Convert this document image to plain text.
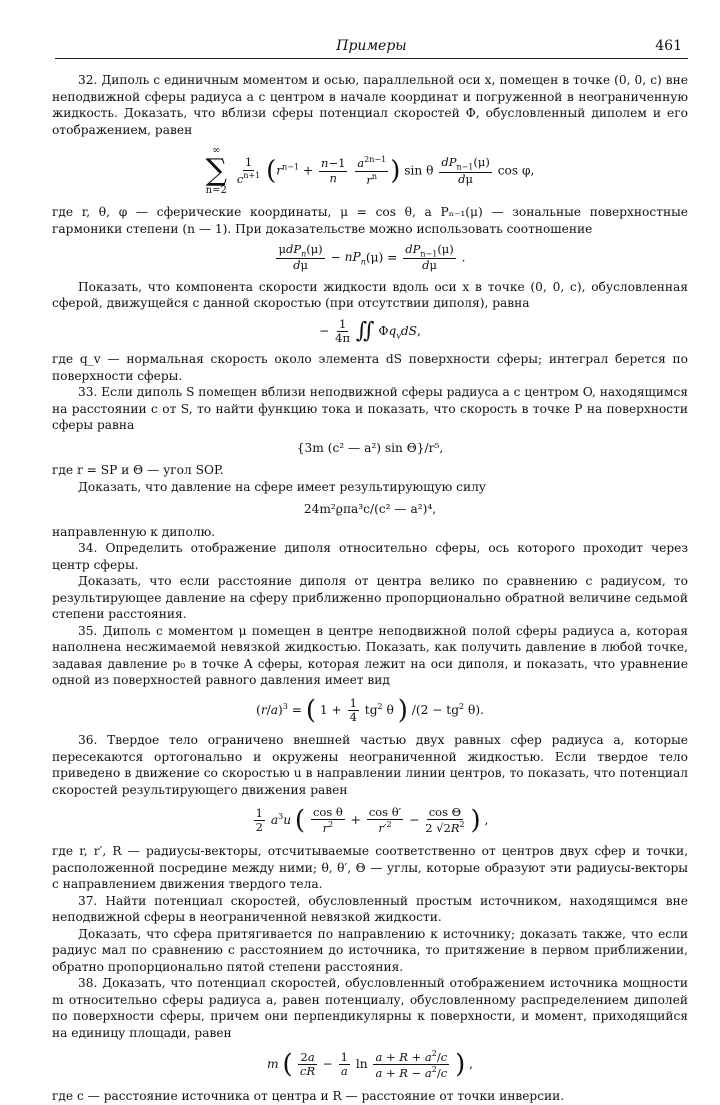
Примеры	461

32. Диполь с единичным моментом и осью, параллельной оси x, помещен в точке (0, 0, c) вне неподвижной сферы радиуса a с центром в начале координат и погруженной в неограниченную жидкость. Доказать, что вблизи сферы потенциал скоростей Φ, обусловленный диполем и его отображением, равен

∞
∑
n=2

$\frac{1}{c^{n+1}} (r^{n-1} + \frac{n-1}{n}$
$\frac{a^{2n-1}}{r^n}$ ) sin θ $\frac{dP_{n-1}(\mu)}{d\mu}$ cos φ,

где r, θ, φ — сферические координаты, μ = cos θ, а Pₙ₋₁(μ) — зональные поверхностные гармоники степени (n — 1). При доказательстве можно использовать соотношение

$\frac{\mu dP_n(\mu)}{d\mu} - nP_n(\mu) = \frac{dP_{n-1}(\mu)}{d\mu}$ .

Показать, что компонента скорости жидкости вдоль оси x в точке (0, 0, c), обусловленная сферой, движущейся с данной скоростью (при отсутствии диполя), равна

− $\frac{1}{4\pi}$ ∬ $\Phi q_vdS$,

где q_v — нормальная скорость около элемента dS поверхности сферы; интеграл берется по поверхности сферы.

33. Если диполь S помещен вблизи неподвижной сферы радиуса a с центром O, находящимся на расстоянии c от S, то найти функцию тока и показать, что скорость в точке P на поверхности сферы равна

{3m (c² — a²) sin Θ}/r⁵,

где r = SP и Θ — угол SOP.

Доказать, что давление на сфере имеет результирующую силу

24m²ϱπa³c/(c² — a²)⁴,

направленную к диполю.

34. Определить отображение диполя относительно сферы, ось которого проходит через центр сферы.

Доказать, что если расстояние диполя от центра велико по сравнению с радиусом, то результирующее давление на сферу приближенно пропорционально обратной величине седьмой степени расстояния.

35. Диполь с моментом μ помещен в центре неподвижной полой сферы радиуса a, которая наполнена несжимаемой невязкой жидкостью. Показать, как получить давление в любой точке, задавая давление p₀ в точке A сферы, которая лежит на оси диполя, и показать, что уравнение одной из поверхностей равного давления имеет вид

$(r/a)^3$ = ( $1 + \frac{1}{4} tg^2$ θ ) $/(2 - tg^2$ θ).

36. Твердое тело ограничено внешней частью двух равных сфер радиуса a, которые пересекаются ортогонально и окружены неограниченной жидкостью. Если твердое тело приведено в движение со скоростью u в направлении линии центров, то показать, что потенциал скоростей результирующего движения равен

$\frac{1}{2} a^3u$ ( $\frac{\text{cos θ}}{r^2} + \frac{\text{cos θ′}}{r'^2} - \frac{\text{cos Θ}}{2 √2R^2}$ ) ,

где r, r′, R — радиусы-векторы, отсчитываемые соответственно от центров двух сфер и точки, расположенной посредине между ними; θ, θ′, Θ — углы, которые образуют эти радиусы-векторы с направлением движения твердого тела.

37. Найти потенциал скоростей, обусловленный простым источником, находящимся вне неподвижной сферы в неограниченной невязкой жидкости.

Доказать, что сфера притягивается по направлению к источнику; доказать также, что если радиус мал по сравнению с расстоянием до источника, то притяжение в первом приближении, обратно пропорционально пятой степени расстояния.

38. Доказать, что потенциал скоростей, обусловленный отображением источника мощности m относительно сферы радиуса a, равен потенциалу, обусловленному распределением диполей по поверхности сферы, причем они перпендикулярны к поверхности, и момент, приходящийся на единицу площади, равен

m ( $\frac{2a}{cR} - \frac{1}{a}$ $\ln \frac{a + R + a^2/c}{a + R - a^2/c}$ ) ,

где c — расстояние источника от центра и R — расстояние от точки инверсии.
